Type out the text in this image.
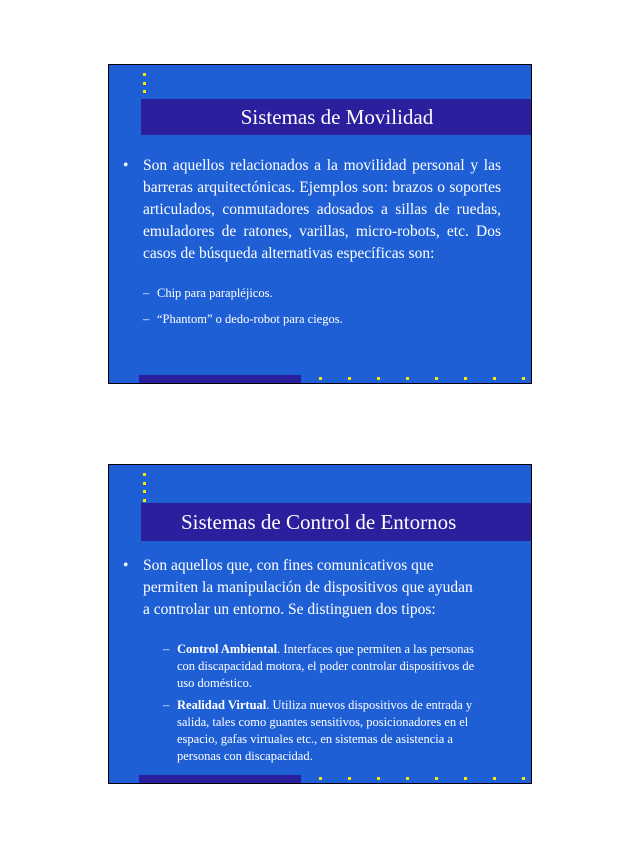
Sistemas de Movilidad
• Son aquellos relacionados a la movilidad personal y las barreras arquitectónicas. Ejemplos son: brazos o soportes articulados, conmutadores adosados a sillas de ruedas, emuladores de ratones, varillas, micro-robots, etc. Dos casos de búsqueda alternativas específicas son:
– Chip para parapléjicos.
– “Phantom” o dedo-robot para ciegos.
Sistemas de Control de Entornos
• Son aquellos que, con fines comunicativos que permiten la manipulación de dispositivos que ayudan a controlar un entorno. Se distinguen dos tipos:
– Control Ambiental. Interfaces que permiten a las personas con discapacidad motora, el poder controlar dispositivos de uso doméstico.
– Realidad Virtual. Utiliza nuevos dispositivos de entrada y salida, tales como guantes sensitivos, posicionadores en el espacio, gafas virtuales etc., en sistemas de asistencia a personas con discapacidad.
